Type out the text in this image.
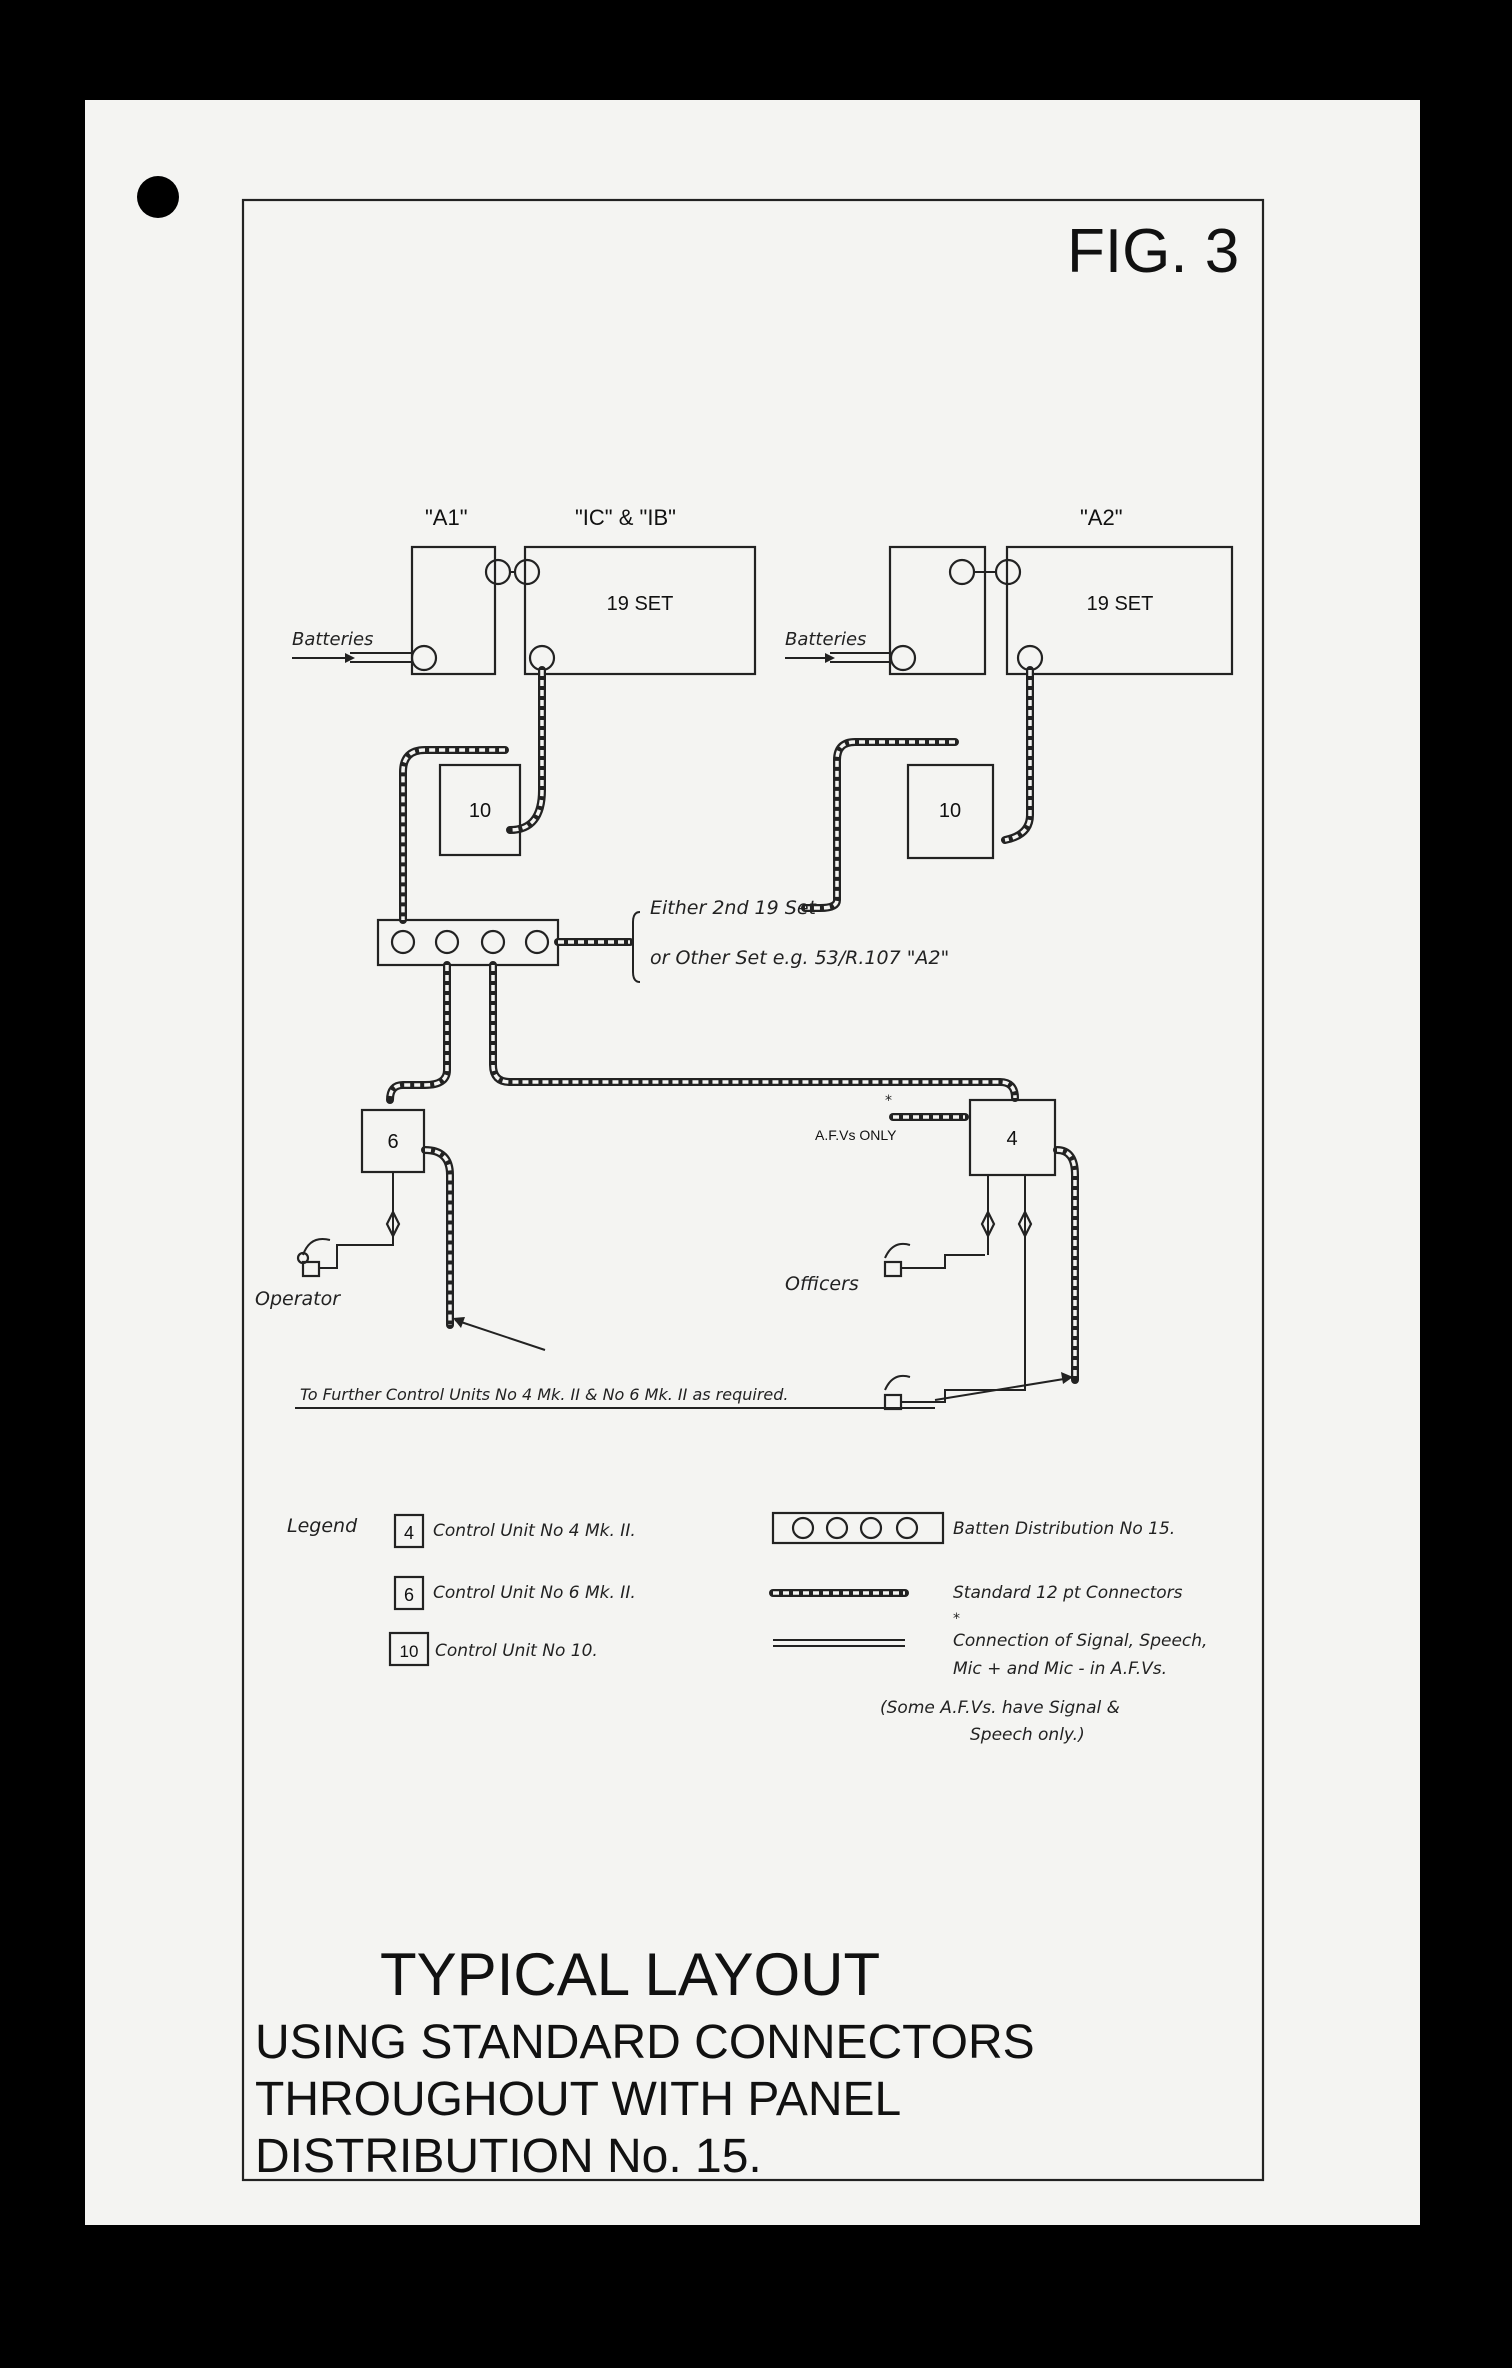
FIG. 3
"A1"	"IC" & "IB"	"A2"
19 SET
Batteries
19 SET
Batteries
10	10
6	4
Either 2nd 19 Set
or Other Set e.g. 53/R.107 "A2"
*
A.F.Vs ONLY
Operator
Officers
To Further Control Units No 4 Mk. II & No 6 Mk. II as required.
Legend	4 Control Unit No 4 Mk. II.
6 Control Unit No 6 Mk. II.
10 Control Unit No 10.
Batten Distribution No 15.
Standard 12 pt Connectors
*
Connection of Signal, Speech,
Mic + and Mic - in A.F.Vs.
(Some A.F.Vs. have Signal &
Speech only.)
TYPICAL LAYOUT
USING STANDARD CONNECTORS
THROUGHOUT WITH PANEL
DISTRIBUTION No. 15.
